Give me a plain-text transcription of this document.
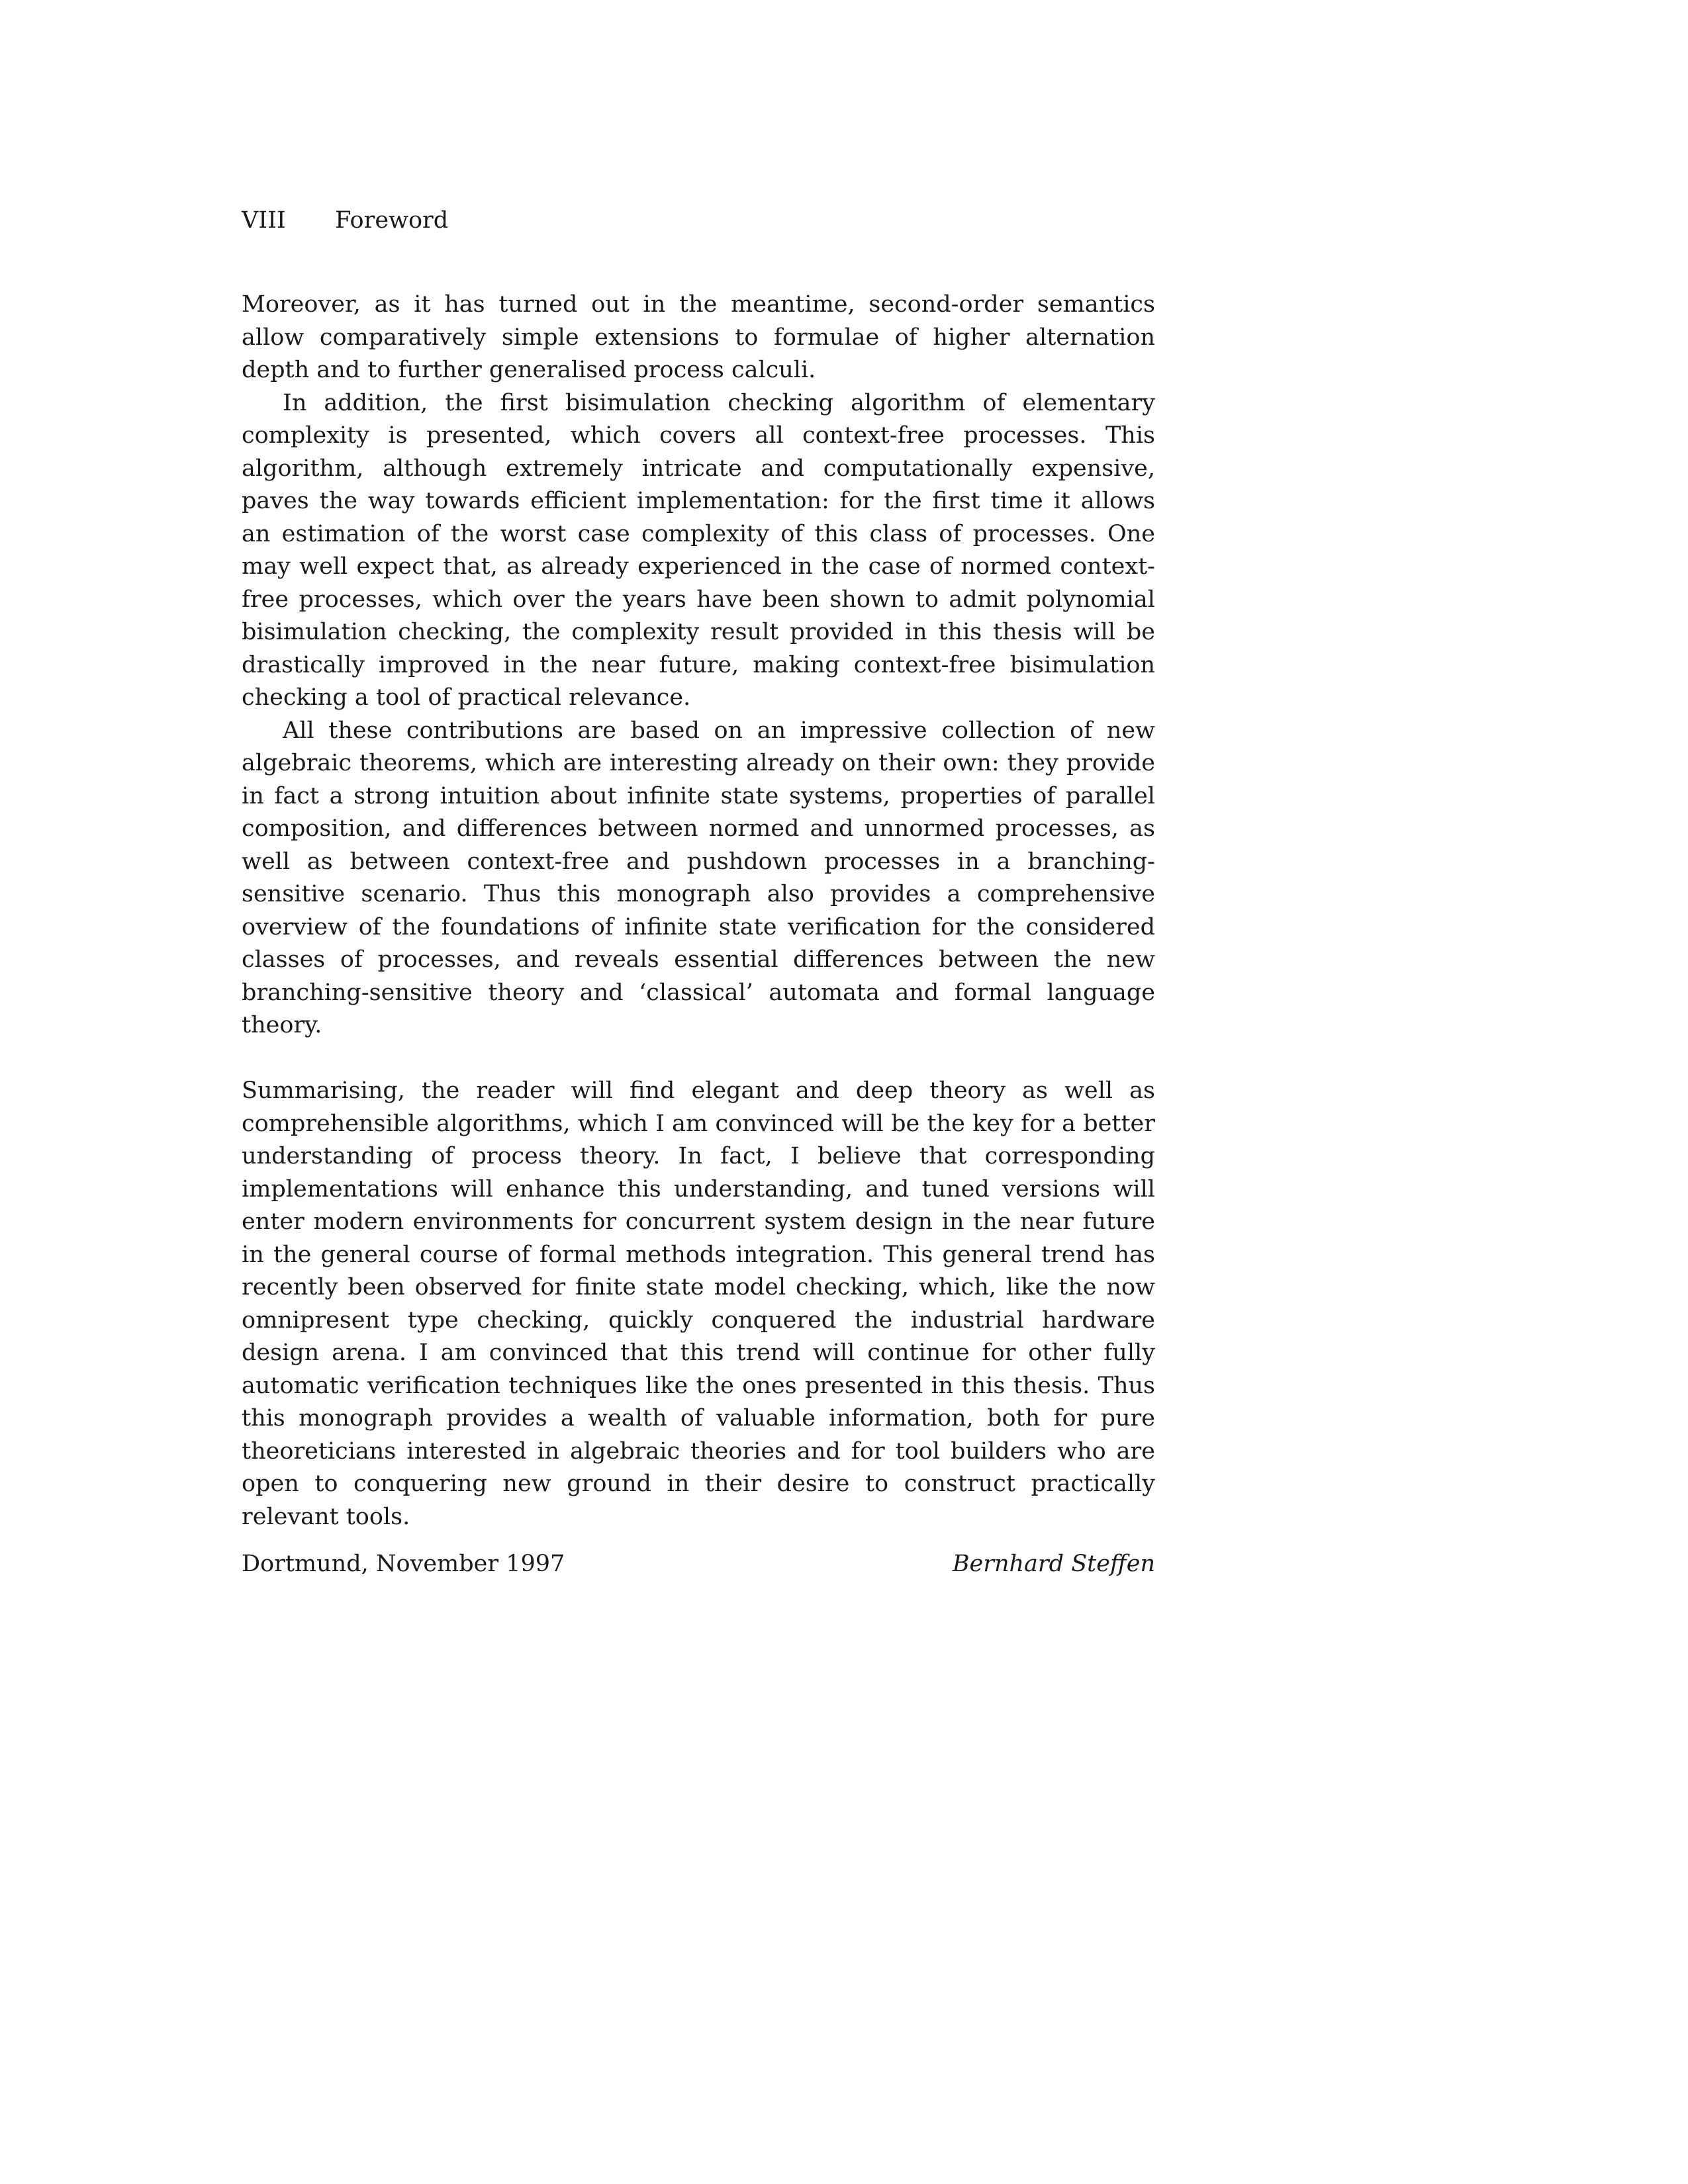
VIII Foreword

Moreover, as it has turned out in the meantime, second-order semantics allow comparatively simple extensions to formulae of higher alternation depth and to further generalised process calculi.

In addition, the first bisimulation checking algorithm of elementary complexity is presented, which covers all context-free processes. This algorithm, although extremely intricate and computationally expensive, paves the way towards efficient implementation: for the first time it allows an estimation of the worst case complexity of this class of processes. One may well expect that, as already experienced in the case of normed context-free processes, which over the years have been shown to admit polynomial bisimulation checking, the complexity result provided in this thesis will be drastically improved in the near future, making context-free bisimulation checking a tool of practical relevance.

All these contributions are based on an impressive collection of new algebraic theorems, which are interesting already on their own: they provide in fact a strong intuition about infinite state systems, properties of parallel composition, and differences between normed and unnormed processes, as well as between context-free and pushdown processes in a branching-sensitive scenario. Thus this monograph also provides a comprehensive overview of the foundations of infinite state verification for the considered classes of processes, and reveals essential differences between the new branching-sensitive theory and ‘classical’ automata and formal language theory.

Summarising, the reader will find elegant and deep theory as well as comprehensible algorithms, which I am convinced will be the key for a better understanding of process theory. In fact, I believe that corresponding implementations will enhance this understanding, and tuned versions will enter modern environments for concurrent system design in the near future in the general course of formal methods integration. This general trend has recently been observed for finite state model checking, which, like the now omnipresent type checking, quickly conquered the industrial hardware design arena. I am convinced that this trend will continue for other fully automatic verification techniques like the ones presented in this thesis. Thus this monograph provides a wealth of valuable information, both for pure theoreticians interested in algebraic theories and for tool builders who are open to conquering new ground in their desire to construct practically relevant tools.

Dortmund, November 1997	Bernhard Steffen
